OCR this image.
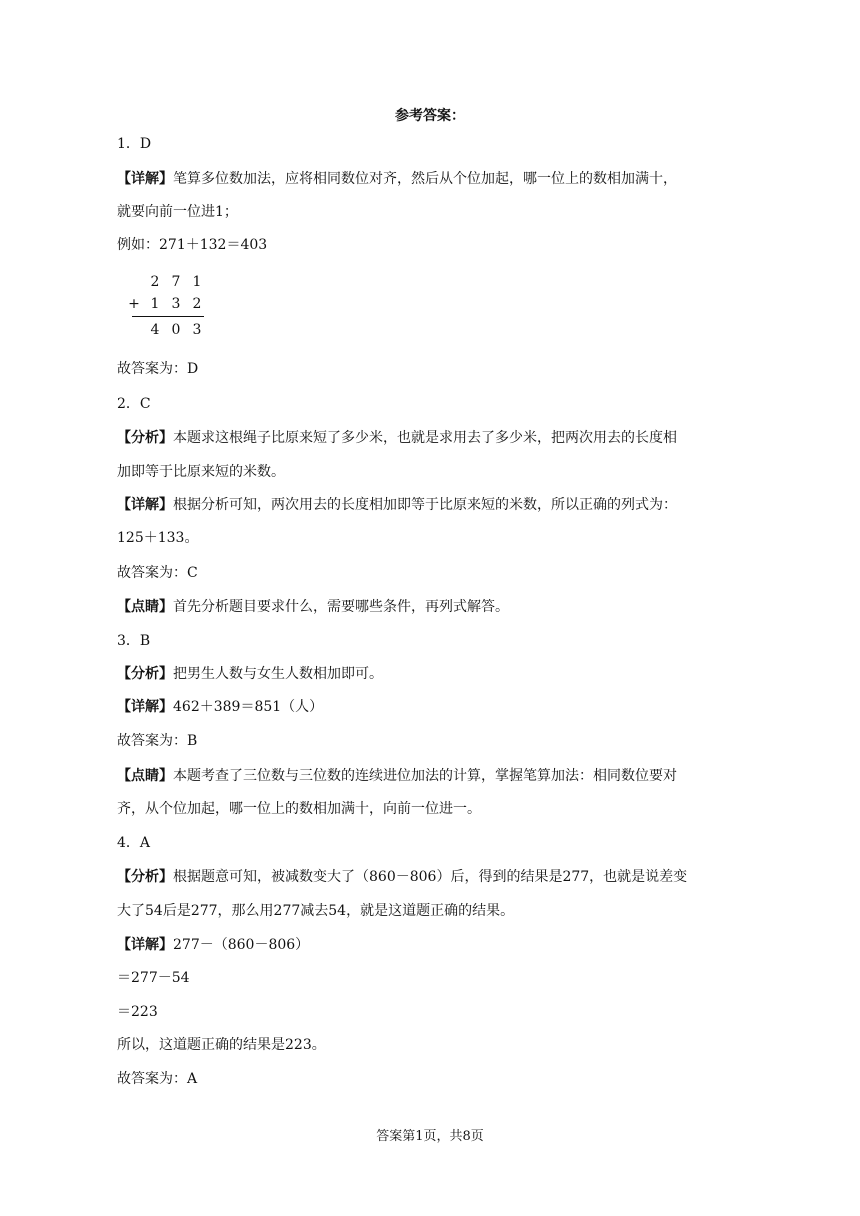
参考答案：
1．D
【详解】笔算多位数加法，应将相同数位对齐，然后从个位加起，哪一位上的数相加满十，
就要向前一位进1；
例如：271＋132＝403
2 7 1
+ 1 3 2
4 0 3
故答案为：D
2．C
【分析】本题求这根绳子比原来短了多少米，也就是求用去了多少米，把两次用去的长度相
加即等于比原来短的米数。
【详解】根据分析可知，两次用去的长度相加即等于比原来短的米数，所以正确的列式为：
125＋133。
故答案为：C
【点睛】首先分析题目要求什么，需要哪些条件，再列式解答。
3．B
【分析】把男生人数与女生人数相加即可。
【详解】462＋389＝851（人）
故答案为：B
【点睛】本题考查了三位数与三位数的连续进位加法的计算，掌握笔算加法：相同数位要对
齐，从个位加起，哪一位上的数相加满十，向前一位进一。
4．A
【分析】根据题意可知，被减数变大了（860－806）后，得到的结果是277，也就是说差变
大了54后是277，那么用277减去54，就是这道题正确的结果。
【详解】277－（860－806）
＝277－54
＝223
所以，这道题正确的结果是223。
故答案为：A
答案第1页，共8页
